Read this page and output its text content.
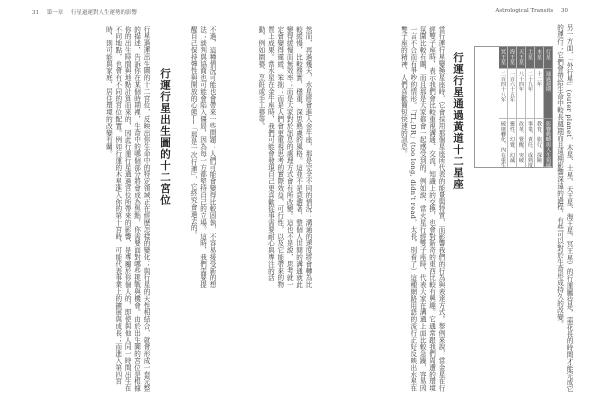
31 第一章 行星過運對人生運勢的影響	Astrological Transits 30
另一方面，「外行星」(outer planet，木星、土星、天王星、海王星、冥王星）的行運屬待是，需花長的時間才能完成它的運行；它們會帶給生命中較長週期而且遠期影響深遠的過程，有些可以對於生命形成持久的改變。
行星
通過週期
影響範疇與人生領域
木星
十二年
教育、旅行、探險
土星
二十九年
事業、責任、成熟度
天王星
八十四年
改革、覺醒、突破
海王星
一百六十五年
靈性、幻覺、幻滅
冥王星
二百四十八年
破壞轉化、內在重生
行運行星通過黃道十二星座
當行運行星變換星座時，它會採用那個星座所代表的能量與特質，而影響我們的行為與表達方式。舉例來說，當金星在行經雙子座時，表示我們會比較重視溝通、交流、知識上的交換，也會對新奇的東西比較有興趣。它通常跟我們周遭的環境氛圍比較有關，而且那是大家都會一起感受到的。例如說，當火星行經雙子座時，代表大家在溝通上面比較急躁，容易因一言不合而有爭吵的情形。「TL;DR」(too long, didn't read，太長，別看了）這種網路用語的流行正好反映出水星在雙子座的精神，人們喜歡簡短快速的訊息。
然而，再過幾天，水星將會進入金牛座，那是完全不同的情況：溝通的速度將會轉為比較緩慢，比較務實，穩重，深思熟慮的風格。這並不是意謂著，整個人世間的溝通就此變得緩慢而無效率；而是大家對於訊息的處理方式會有所改變。這也不是說，思考就一定會變得遲緩、笨拙；而是人們會更重視思考的實際效益、可行性，以及它能帶來的物質上成果。當水星在金牛座時，我們可能會發現自己更喜歡從事需要耐心與專注的活動，例如園藝、烹飪或手工藝等。
不過，這種情況可能也會帶來一些問題：人們可能會變得比較固執，不容易接受新的想法；談判與協商也可能會陷入僵局，因為每一方都堅持自己的立場。這時，我們需要提醒自己保持彈性與開放的心態──「那是一次行運」，它終究會過去的。
行運行星出生圖的十二宮位
行星過運出生圖的十二宮位，反映出你生命中的特定領域正在經歷怎樣的變化；與行星的天性相結合，就會形成一套完整的描述，告訴你在某個時期裡，生命中的哪個部分將會成為焦點，你需要面對哪些挑戰與機會。由於出生圖的宮位是根據你的出生時間與地點計算而來的，因此行運行星通過宮位所帶來的影響，是專屬於你個人的，即使與他人同一時間出生在不同地點，也會有不同的宮位配置。例如行運的木星進入你的第十宮時，可能代表事業上的擴展與成長；而進入第四宮時，則可能與家庭、居住環境的改變有關。
